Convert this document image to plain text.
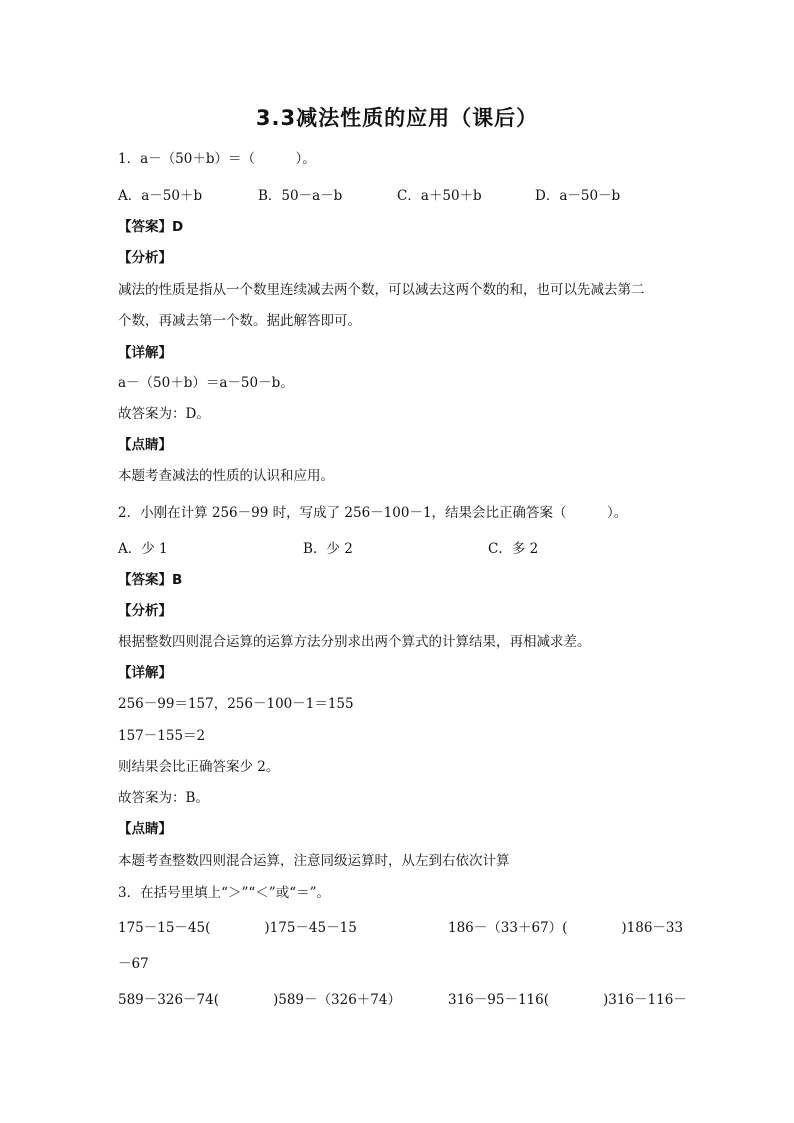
3.3减法性质的应用（课后）
1．a－（50＋b）＝（　　　）。
A．a－50＋b	B．50－a－b	C．a＋50＋b	D．a－50－b
【答案】D
【分析】
减法的性质是指从一个数里连续减去两个数，可以减去这两个数的和，也可以先减去第二
个数，再减去第一个数。据此解答即可。
【详解】
a－（50＋b）＝a－50－b。
故答案为：D。
【点睛】
本题考查减法的性质的认识和应用。
2．小刚在计算 256－99 时，写成了 256－100－1，结果会比正确答案（　　　）。
A．少 1	B．少 2	C．多 2
【答案】B
【分析】
根据整数四则混合运算的运算方法分别求出两个算式的计算结果，再相减求差。
【详解】
256－99＝157，256－100－1＝155
157－155＝2
则结果会比正确答案少 2。
故答案为：B。
【点睛】
本题考查整数四则混合运算，注意同级运算时，从左到右依次计算
3．在括号里填上“＞”“＜”或“＝”。
175－15－45(　　　　)175－45－15	186－（33＋67）(　　　　)186－33
－67
589－326－74(　　　　)589－（326＋74）	316－95－116(　　　　)316－116－
